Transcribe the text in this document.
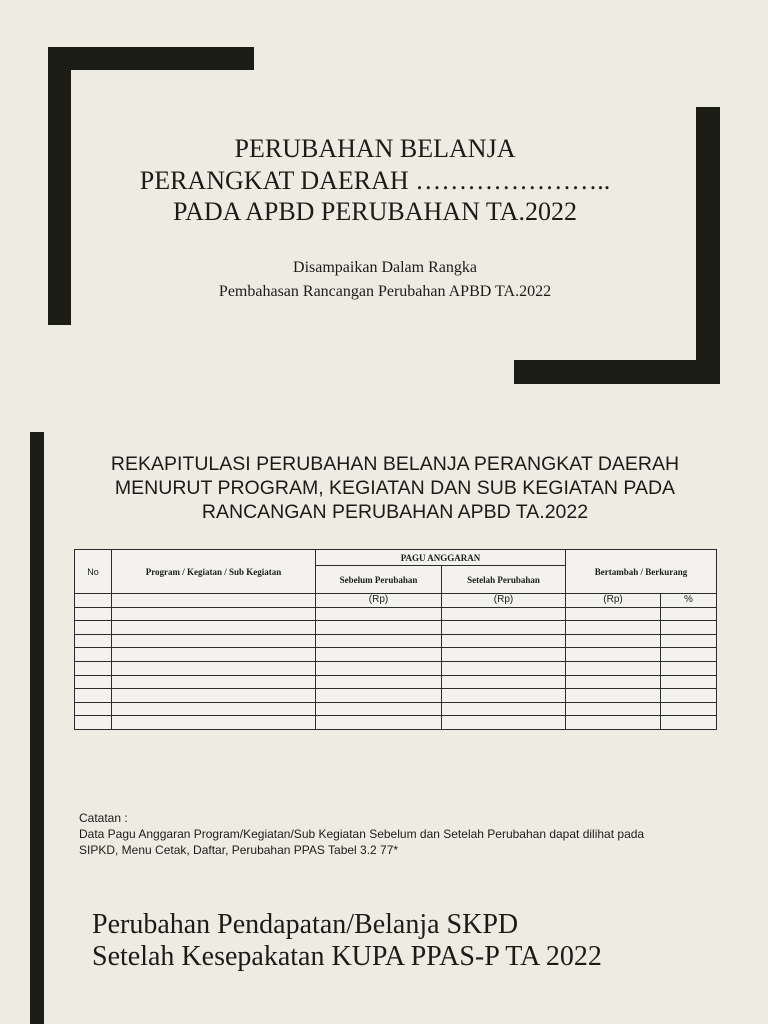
PERUBAHAN BELANJA
PERANGKAT DAERAH …………………..
PADA APBD PERUBAHAN TA.2022
Disampaikan Dalam Rangka
Pembahasan Rancangan Perubahan APBD TA.2022
REKAPITULASI PERUBAHAN BELANJA PERANGKAT DAERAH
MENURUT PROGRAM, KEGIATAN DAN SUB KEGIATAN PADA
RANCANGAN PERUBAHAN APBD TA.2022
No	Program / Kegiatan / Sub Kegiatan	PAGU ANGGARAN		Bertambah / Berkurang	
		Sebelum Perubahan	Setelah Perubahan		
		(Rp)	(Rp)	(Rp)	%

Catatan :
Data Pagu Anggaran Program/Kegiatan/Sub Kegiatan Sebelum dan Setelah Perubahan dapat dilihat pada
SIPKD, Menu Cetak, Daftar, Perubahan PPAS Tabel 3.2 77*
Perubahan Pendapatan/Belanja SKPD
Setelah Kesepakatan KUPA PPAS-P TA 2022
